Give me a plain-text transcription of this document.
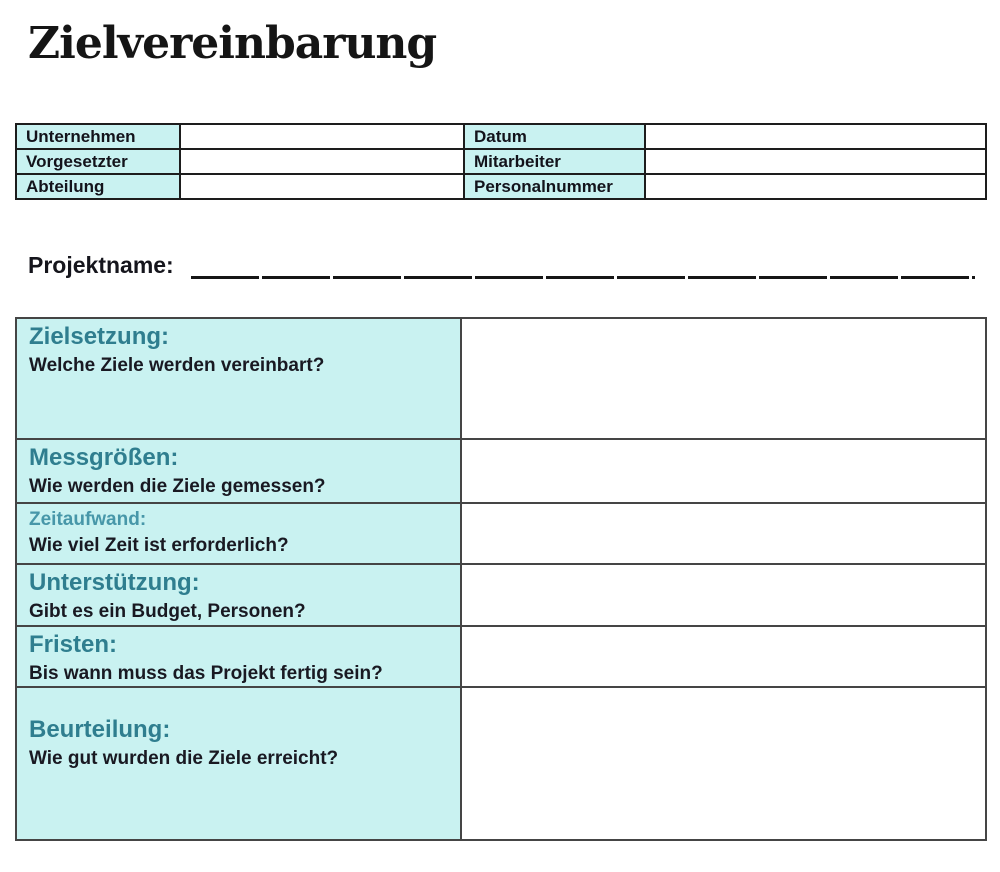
Zielvereinbarung
Unternehmen		Datum	
Vorgesetzter		Mitarbeiter	
Abteilung		Personalnummer	
Projektname:
Zielsetzung:
Welche Ziele werden vereinbart?	

Messgrößen:
Wie werden die Ziele gemessen?	

Zeitaufwand:
Wie viel Zeit ist erforderlich?	

Unterstützung:
Gibt es ein Budget, Personen?	

Fristen:
Bis wann muss das Projekt fertig sein?	

Beurteilung:
Wie gut wurden die Ziele erreicht?	
